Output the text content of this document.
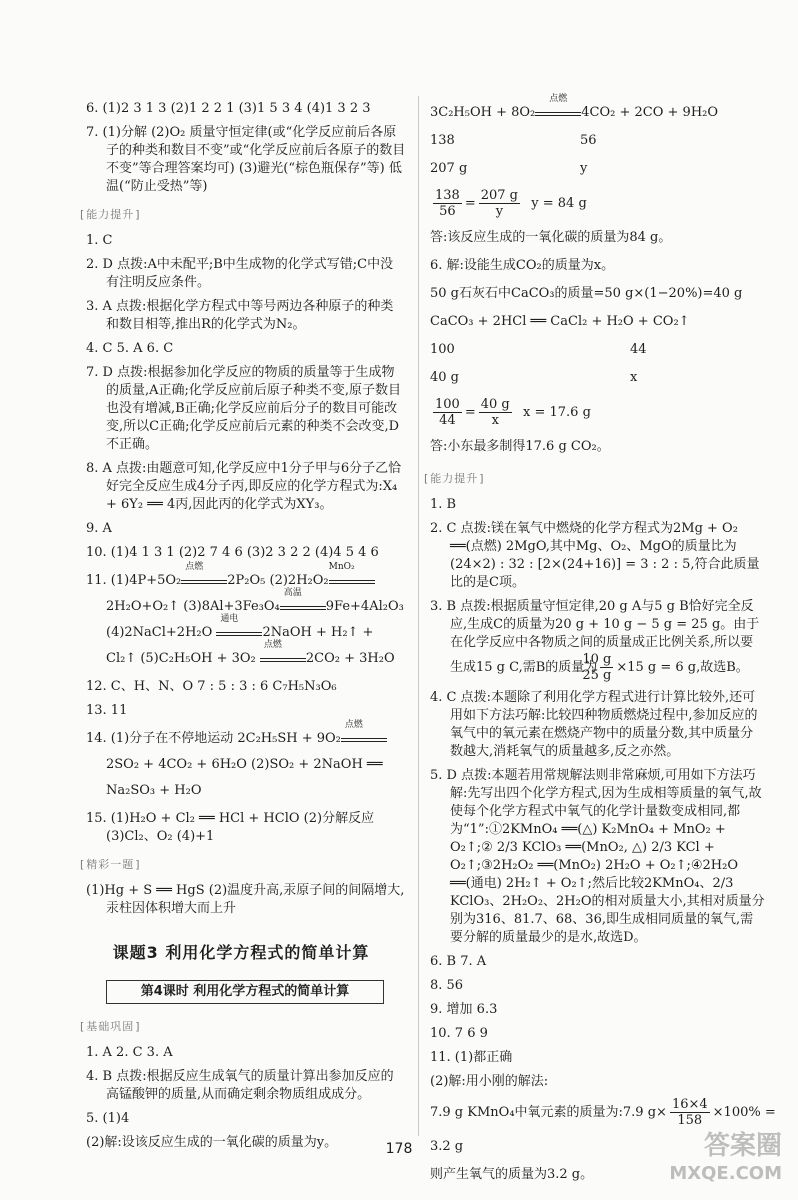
6. (1)2 3 1 3 (2)1 2 2 1 (3)1 5 3 4 (4)1 3 2 3

7. (1)分解 (2)O₂ 质量守恒定律(或“化学反应前后各原子的种类和数目不变”或“化学反应前后各原子的数目不变”等合理答案均可) (3)避光(“棕色瓶保存”等) 低温(“防止受热”等)

[ 能力提升 ]

1. C

2. D 点拨:A中未配平;B中生成物的化学式写错;C中没有注明反应条件。

3. A 点拨:根据化学方程式中等号两边各种原子的种类和数目相等,推出R的化学式为N₂。

4. C 5. A 6. C

7. D 点拨:根据参加化学反应的物质的质量等于生成物的质量,A正确;化学反应前后原子种类不变,原子数目也没有增减,B正确;化学反应前后分子的数目可能改变,所以C正确;化学反应前后元素的种类不会改变,D不正确。

8. A 点拨:由题意可知,化学反应中1分子甲与6分子乙恰好完全反应生成4分子丙,即反应的化学方程式为:X₄ + 6Y₂ ══ 4丙,因此丙的化学式为XY₃。

9. A

10. (1)4 1 3 1 (2)2 7 4 6 (3)2 3 2 2 (4)4 5 4 6

11. (1)4P+5O₂
点燃
2P₂O₅ (2)2H₂O₂
MnO₂
2H₂O+O₂↑ (3)8Al+3Fe₃O₄
高温
9Fe+4Al₂O₃ (4)2NaCl+2H₂O
通电
2NaOH + H₂↑ + Cl₂↑ (5)C₂H₅OH + 3O₂
点燃
2CO₂ + 3H₂O

12. C、H、N、O 7 : 5 : 3 : 6 C₇H₅N₃O₆

13. 11

14. (1)分子在不停地运动 2C₂H₅SH + 9O₂
点燃
2SO₂ + 4CO₂ + 6H₂O (2)SO₂ + 2NaOH ══ Na₂SO₃ + H₂O

15. (1)H₂O + Cl₂ ══ HCl + HClO (2)分解反应 (3)Cl₂、O₂ (4)+1

[ 精彩一题 ]

(1)Hg + S ══ HgS (2)温度升高,汞原子间的间隔增大,汞柱因体积增大而上升

课题3 利用化学方程式的简单计算
第4课时 利用化学方程式的简单计算
[ 基础巩固 ]

1. A 2. C 3. A

4. B 点拨:根据反应生成氧气的质量计算出参加反应的高锰酸钾的质量,从而确定剩余物质组成成分。

5. (1)4

(2)解:设该反应生成的一氧化碳的质量为y。

3C₂H₅OH + 8O₂
点燃
4CO₂ + 2CO + 9H₂O

138	56

207 g	y

$\frac{138}{56} = \frac{207 g}{y}$ y = 84 g

答:该反应生成的一氧化碳的质量为84 g。

6. 解:设能生成CO₂的质量为x。

50 g石灰石中CaCO₃的质量=50 g×(1−20%)=40 g

CaCO₃ + 2HCl ══ CaCl₂ + H₂O + CO₂↑

100	44

40 g	x

$\frac{100}{44} = \frac{40 g}{x}$ x = 17.6 g

答:小东最多制得17.6 g CO₂。

[ 能力提升 ]

1. B

2. C 点拨:镁在氧气中燃烧的化学方程式为2Mg + O₂ ══(点燃) 2MgO,其中Mg、O₂、MgO的质量比为(24×2) : 32 : [2×(24+16)] = 3 : 2 : 5,符合此质量比的是C项。

3. B 点拨:根据质量守恒定律,20 g A与5 g B恰好完全反应,生成C的质量为20 g + 10 g − 5 g = 25 g。由于在化学反应中各物质之间的质量成正比例关系,所以要生成15 g C,需B的质量为 $\frac{10 g}{25 g} \times 15$ g = 6 g,故选B。

4. C 点拨:本题除了利用化学方程式进行计算比较外,还可用如下方法巧解:比较四种物质燃烧过程中,参加反应的氧气中的氧元素在燃烧产物中的质量分数,其中质量分数越大,消耗氧气的质量越多,反之亦然。

5. D 点拨:本题若用常规解法则非常麻烦,可用如下方法巧解:先写出四个化学方程式,因为生成相等质量的氧气,故使每个化学方程式中氧气的化学计量数变成相同,都为“1”:①2KMnO₄ ══(△) K₂MnO₄ + MnO₂ + O₂↑;② 2/3 KClO₃ ══(MnO₂, △) 2/3 KCl + O₂↑;③2H₂O₂ ══(MnO₂) 2H₂O + O₂↑;④2H₂O ══(通电) 2H₂↑ + O₂↑;然后比较2KMnO₄、2/3 KClO₃、2H₂O₂、2H₂O的相对质量大小,其相对质量分别为316、81.7、68、36,即生成相同质量的氧气,需要分解的质量最少的是水,故选D。

6. B 7. A

8. 56

9. 增加 6.3

10. 7 6 9

11. (1)都正确

(2)解:用小刚的解法:

7.9 g KMnO₄中氧元素的质量为:7.9 $g\times \frac{16\times 4}{158} \times 100\%$ =

3.2 g

则产生氧气的质量为3.2 g。

178	答案圈
MXQE.COM
